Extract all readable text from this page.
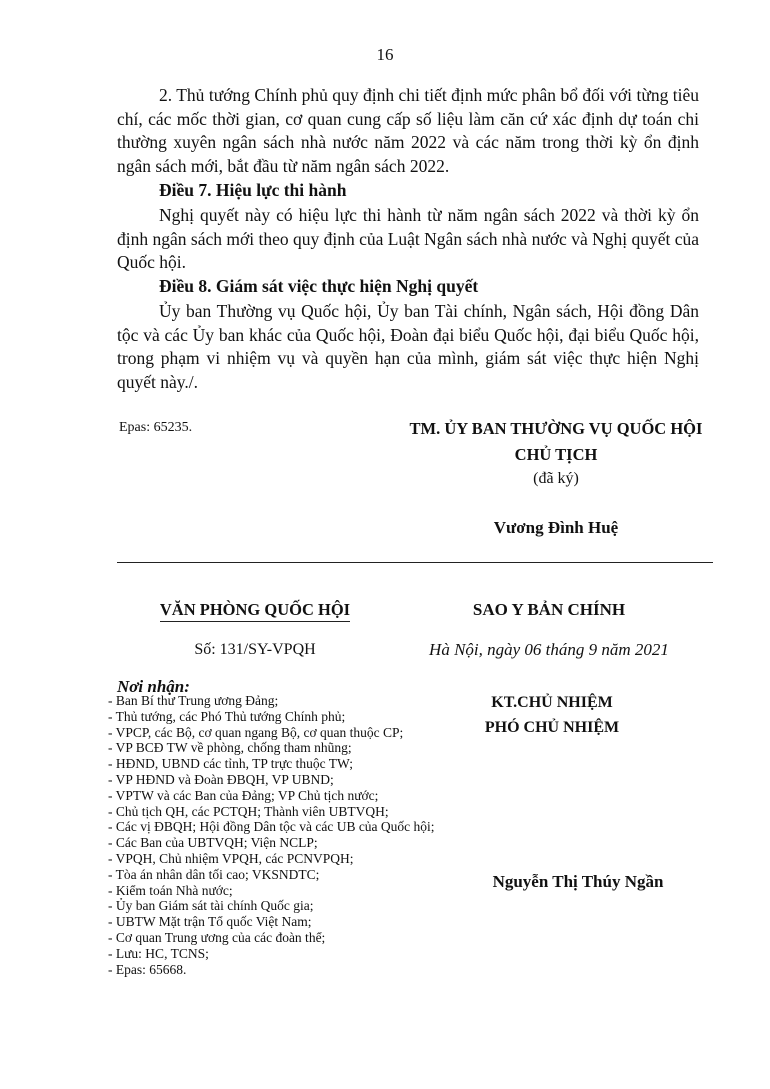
16

2. Thủ tướng Chính phủ quy định chi tiết định mức phân bổ đối với từng tiêu chí, các mốc thời gian, cơ quan cung cấp số liệu làm căn cứ xác định dự toán chi thường xuyên ngân sách nhà nước năm 2022 và các năm trong thời kỳ ổn định ngân sách mới, bắt đầu từ năm ngân sách 2022.

Điều 7. Hiệu lực thi hành

Nghị quyết này có hiệu lực thi hành từ năm ngân sách 2022 và thời kỳ ổn định ngân sách mới theo quy định của Luật Ngân sách nhà nước và Nghị quyết của Quốc hội.

Điều 8. Giám sát việc thực hiện Nghị quyết

Ủy ban Thường vụ Quốc hội, Ủy ban Tài chính, Ngân sách, Hội đồng Dân tộc và các Ủy ban khác của Quốc hội, Đoàn đại biểu Quốc hội, đại biểu Quốc hội, trong phạm vi nhiệm vụ và quyền hạn của mình, giám sát việc thực hiện Nghị quyết này./.

Epas: 65235.	TM. ỦY BAN THƯỜNG VỤ QUỐC HỘI
CHỦ TỊCH
(đã ký)
Vương Đình Huệ
VĂN PHÒNG QUỐC HỘI
Số: 131/SY-VPQH
SAO Y BẢN CHÍNH
Hà Nội, ngày 06 tháng 9 năm 2021
KT.CHỦ NHIỆM
PHÓ CHỦ NHIỆM
Nguyễn Thị Thúy Ngần
Nơi nhận:
- Ban Bí thư Trung ương Đảng;
- Thủ tướng, các Phó Thủ tướng Chính phủ;
- VPCP, các Bộ, cơ quan ngang Bộ, cơ quan thuộc CP;
- VP BCĐ TW về phòng, chống tham nhũng;
- HĐND, UBND các tỉnh, TP trực thuộc TW;
- VP HĐND và Đoàn ĐBQH, VP UBND;
- VPTW và các Ban của Đảng; VP Chủ tịch nước;
- Chủ tịch QH, các PCTQH; Thành viên UBTVQH;
- Các vị ĐBQH; Hội đồng Dân tộc và các UB của Quốc hội;
- Các Ban của UBTVQH; Viện NCLP;
- VPQH, Chủ nhiệm VPQH, các PCNVPQH;
- Tòa án nhân dân tối cao; VKSNDTC;
- Kiểm toán Nhà nước;
- Ủy ban Giám sát tài chính Quốc gia;
- UBTW Mặt trận Tổ quốc Việt Nam;
- Cơ quan Trung ương của các đoàn thể;
- Lưu: HC, TCNS;
- Epas: 65668.
